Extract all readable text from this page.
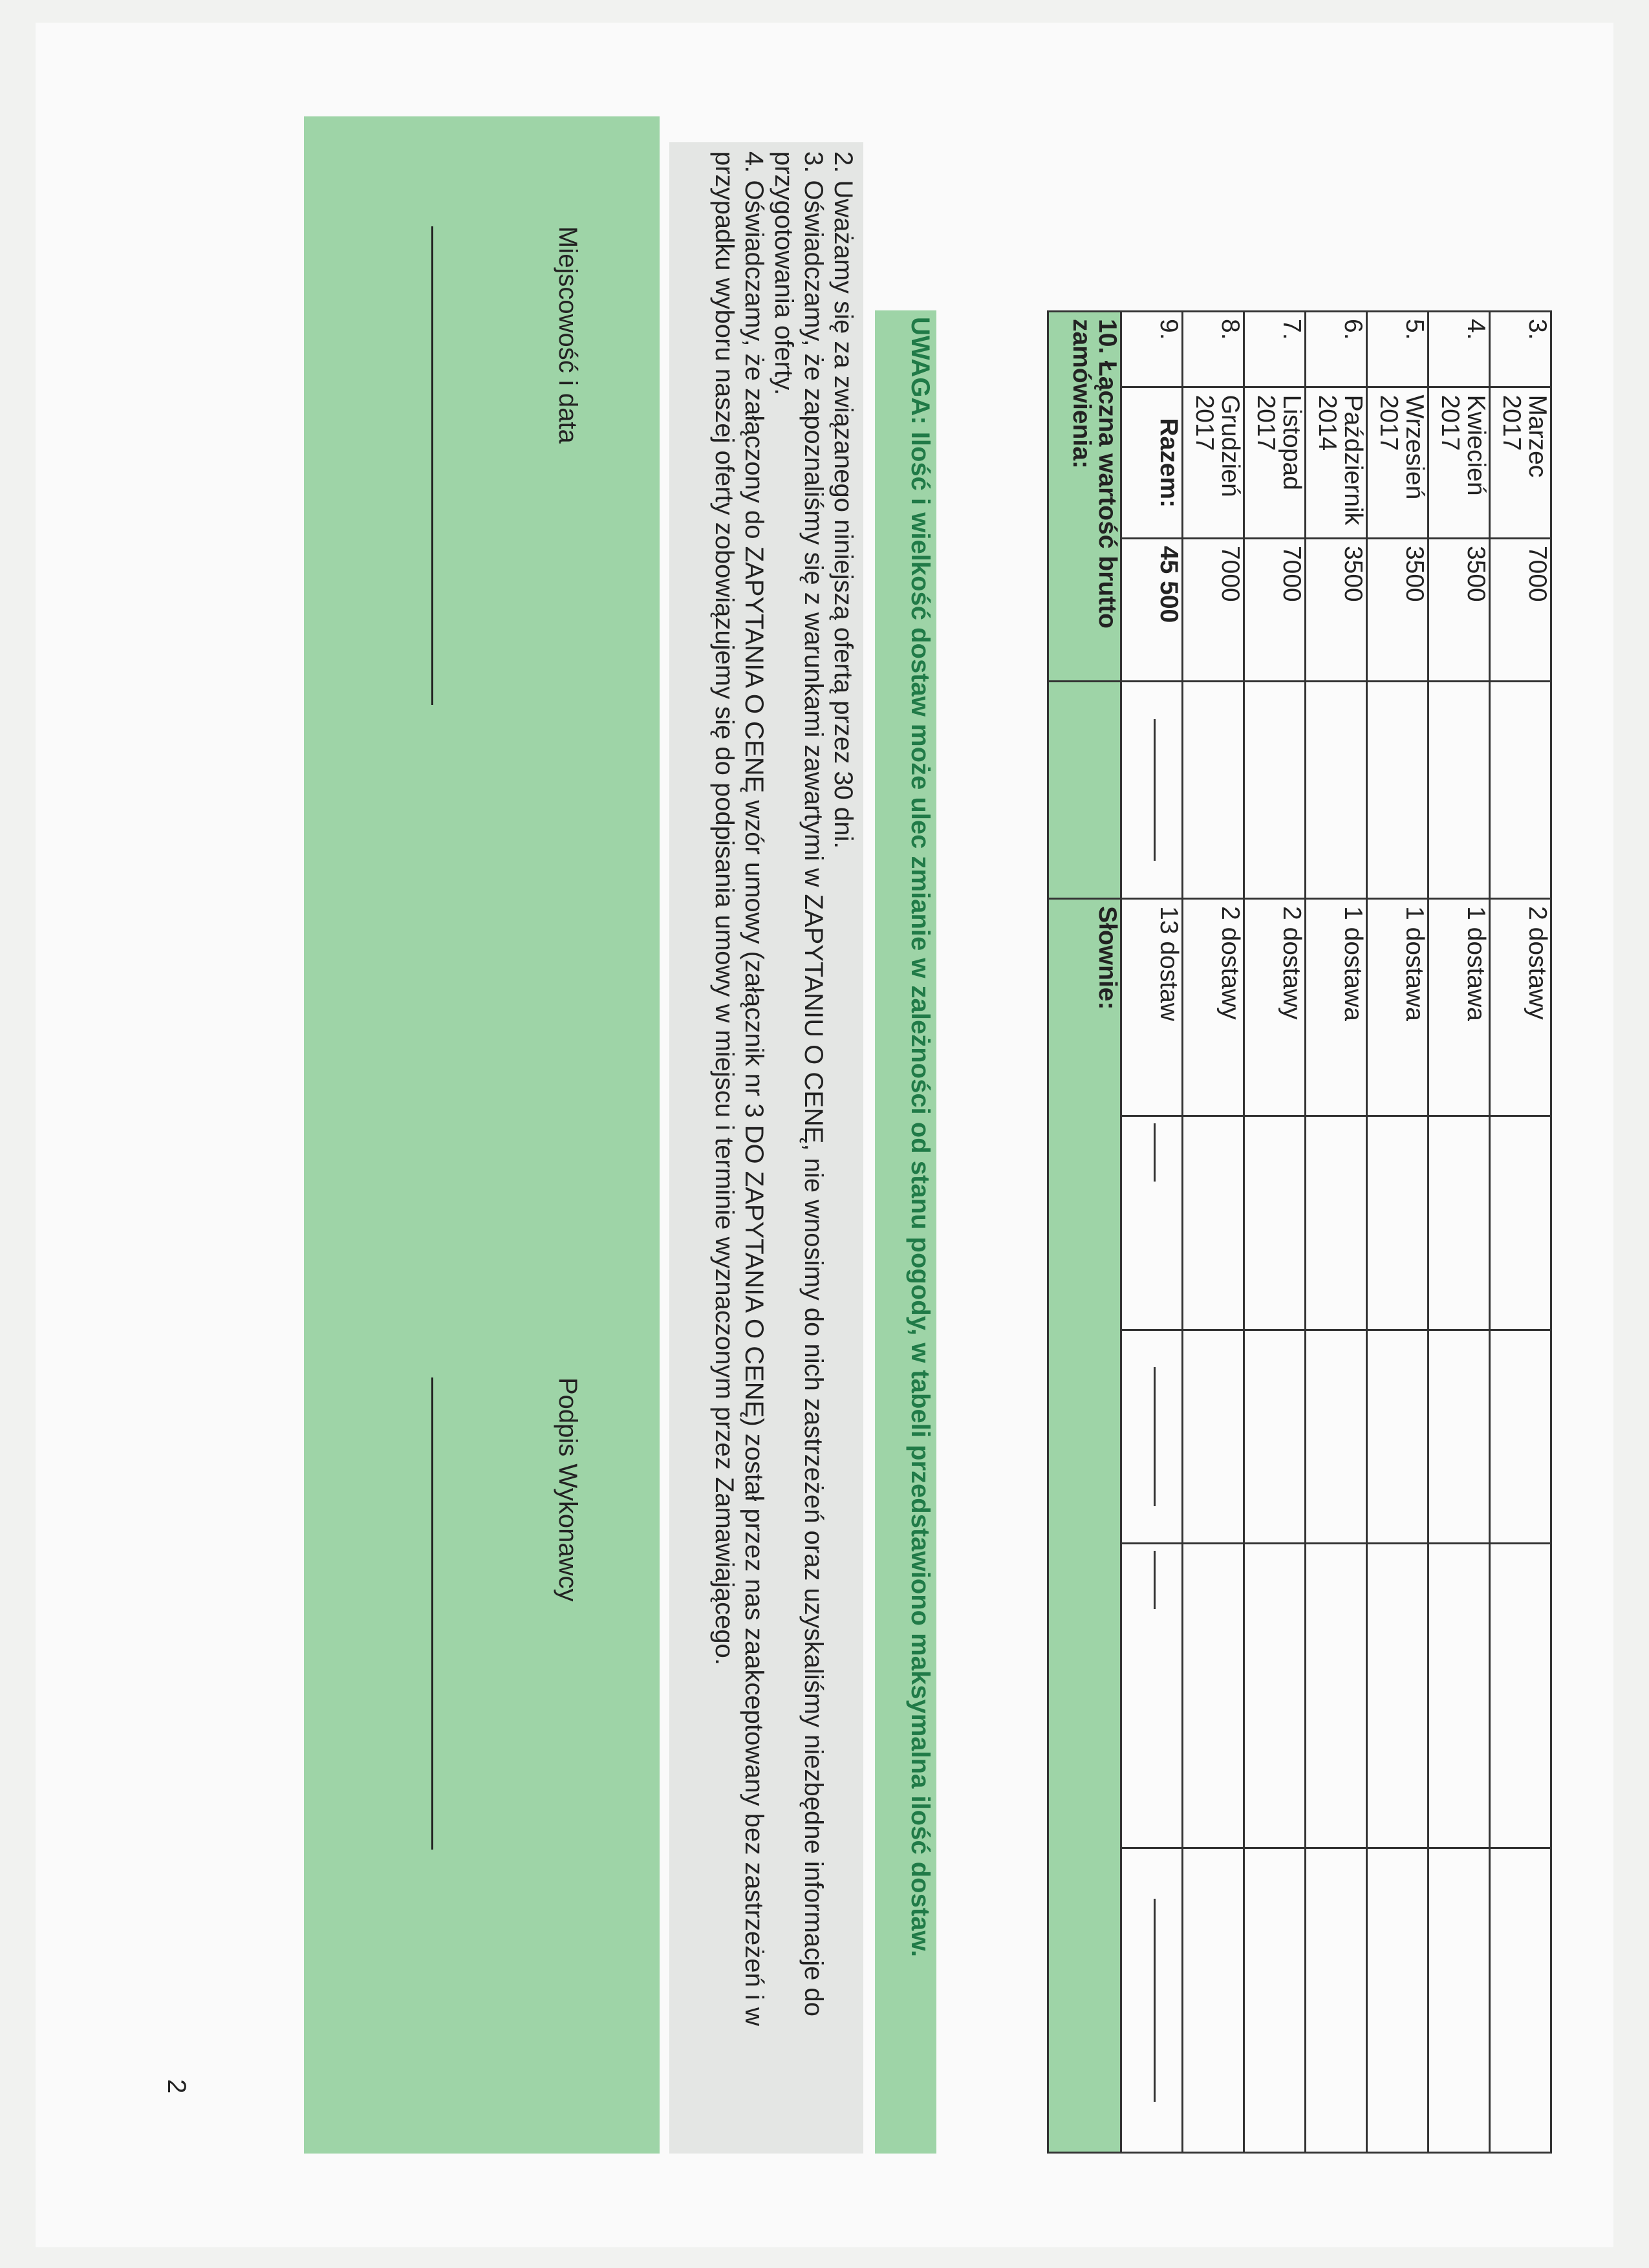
3.	Marzec 2017	7000		2 dostawy				
4.	Kwiecień 2017	3500		1 dostawa				
5.	Wrzesień 2017	3500		1 dostawa				
6.	Październik 2014	3500		1 dostawa				
7.	Listopad 2017	7000		2 dostawy				
8.	Grudzień 2017	7000		2 dostawy				
9.	Razem:	45 500		13 dostaw	

10. Łączna wartość brutto zamówienia:				Słownie:				
UWAGA: Ilość i wielkość dostaw może ulec zmianie w zależności od stanu pogody, w tabeli przedstawiono maksymalna ilość dostaw.

2. Uważamy się za związanego niniejszą ofertą przez 30 dni.

3. Oświadczamy, że zapoznaliśmy się z warunkami zawartymi w ZAPYTANIU O CENĘ, nie wnosimy do nich zastrzeżeń oraz uzyskaliśmy niezbędne informacje do przygotowania oferty.

4. Oświadczamy, że załączony do ZAPYTANIA O CENĘ wzór umowy (załącznik nr 3 DO ZAPYTANIA O CENĘ) został przez nas zaakceptowany bez zastrzeżeń i w przypadku wyboru naszej oferty zobowiązujemy się do podpisania umowy w miejscu i terminie wyznaczonym przez Zamawiającego.

Miejscowość i data
Podpis Wykonawcy
2
